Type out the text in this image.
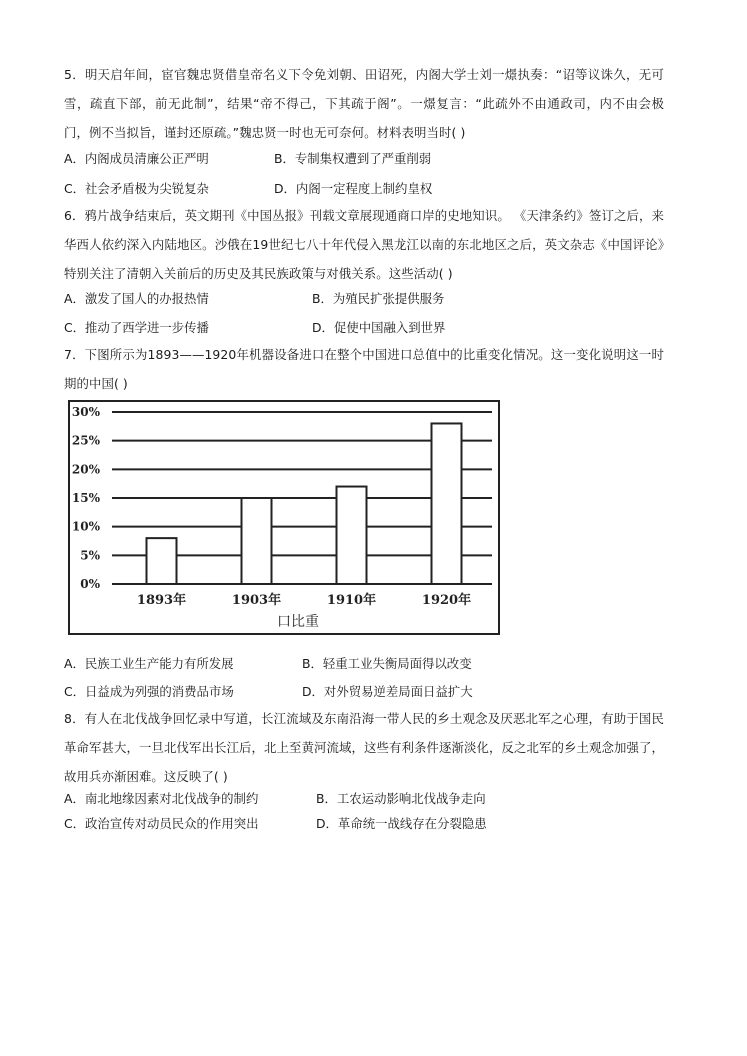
5．明天启年间，宦官魏忠贤借皇帝名义下令免刘朝、田诏死，内阁大学士刘一燝执奏：“诏等议诛久，无可雪，疏直下部，前无此制”，结果“帝不得己，下其疏于阁”。一燝复言：“此疏外不由通政司，内不由会极门，例不当拟旨，谨封还原疏。”魏忠贤一时也无可奈何。材料表明当时( )

A．内阁成员清廉公正严明	B．专制集权遭到了严重削弱
C．社会矛盾极为尖锐复杂	D．内阁一定程度上制约皇权

6．鸦片战争结束后，英文期刊《中国丛报》刊载文章展现通商口岸的史地知识。 《天津条约》签订之后，来华西人依约深入内陆地区。沙俄在19世纪七八十年代侵入黑龙江以南的东北地区之后，英文杂志《中国评论》特别关注了清朝入关前后的历史及其民族政策与对俄关系。这些活动( )

A．激发了国人的办报热情	B．为殖民扩张提供服务
C．推动了西学进一步传播	D．促使中国融入到世界

7．下图所示为1893——1920年机器设备进口在整个中国进口总值中的比重变化情况。这一变化说明这一时期的中国( )

0%
5%
10%
15%
20%
25%
30%
1893年	1903年	1910年	1920年
口比重
A．民族工业生产能力有所发展	B．轻重工业失衡局面得以改变
C．日益成为列强的消费品市场	D．对外贸易逆差局面日益扩大

8．有人在北伐战争回忆录中写道，长江流域及东南沿海一带人民的乡土观念及厌恶北军之心理，有助于国民革命军甚大，一旦北伐军出长江后，北上至黄河流域，这些有利条件逐渐淡化，反之北军的乡土观念加强了，故用兵亦渐困难。这反映了( )

A．南北地缘因素对北伐战争的制约	B．工农运动影响北伐战争走向
C．政治宣传对动员民众的作用突出	D．革命统一战线存在分裂隐患
